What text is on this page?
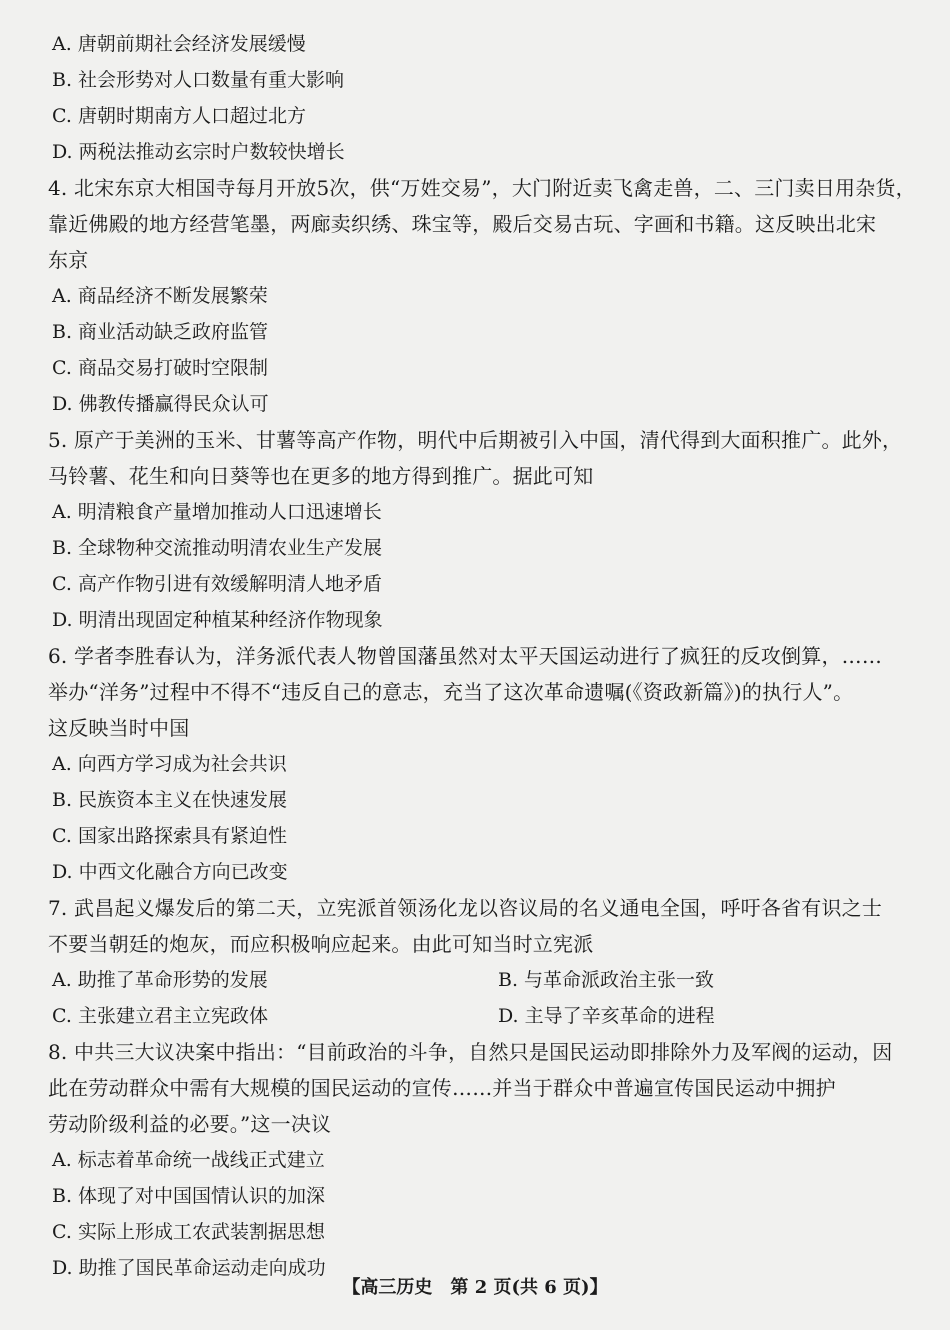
A. 唐朝前期社会经济发展缓慢
B. 社会形势对人口数量有重大影响
C. 唐朝时期南方人口超过北方
D. 两税法推动玄宗时户数较快增长
4. 北宋东京大相国寺每月开放5次，供“万姓交易”，大门附近卖飞禽走兽，二、三门卖日用杂货，
靠近佛殿的地方经营笔墨，两廊卖织绣、珠宝等，殿后交易古玩、字画和书籍。这反映出北宋
东京
A. 商品经济不断发展繁荣
B. 商业活动缺乏政府监管
C. 商品交易打破时空限制
D. 佛教传播赢得民众认可
5. 原产于美洲的玉米、甘薯等高产作物，明代中后期被引入中国，清代得到大面积推广。此外，
马铃薯、花生和向日葵等也在更多的地方得到推广。据此可知
A. 明清粮食产量增加推动人口迅速增长
B. 全球物种交流推动明清农业生产发展
C. 高产作物引进有效缓解明清人地矛盾
D. 明清出现固定种植某种经济作物现象
6. 学者李胜春认为，洋务派代表人物曾国藩虽然对太平天国运动进行了疯狂的反攻倒算，……
举办“洋务”过程中不得不“违反自己的意志，充当了这次革命遗嘱(《资政新篇》)的执行人”。
这反映当时中国
A. 向西方学习成为社会共识
B. 民族资本主义在快速发展
C. 国家出路探索具有紧迫性
D. 中西文化融合方向已改变
7. 武昌起义爆发后的第二天，立宪派首领汤化龙以咨议局的名义通电全国，呼吁各省有识之士
不要当朝廷的炮灰，而应积极响应起来。由此可知当时立宪派
A. 助推了革命形势的发展	B. 与革命派政治主张一致
C. 主张建立君主立宪政体	D. 主导了辛亥革命的进程
8. 中共三大议决案中指出：“目前政治的斗争，自然只是国民运动即排除外力及军阀的运动，因
此在劳动群众中需有大规模的国民运动的宣传……并当于群众中普遍宣传国民运动中拥护
劳动阶级利益的必要。”这一决议
A. 标志着革命统一战线正式建立
B. 体现了对中国国情认识的加深
C. 实际上形成工农武装割据思想
D. 助推了国民革命运动走向成功
【高三历史　第 2 页(共 6 页)】
